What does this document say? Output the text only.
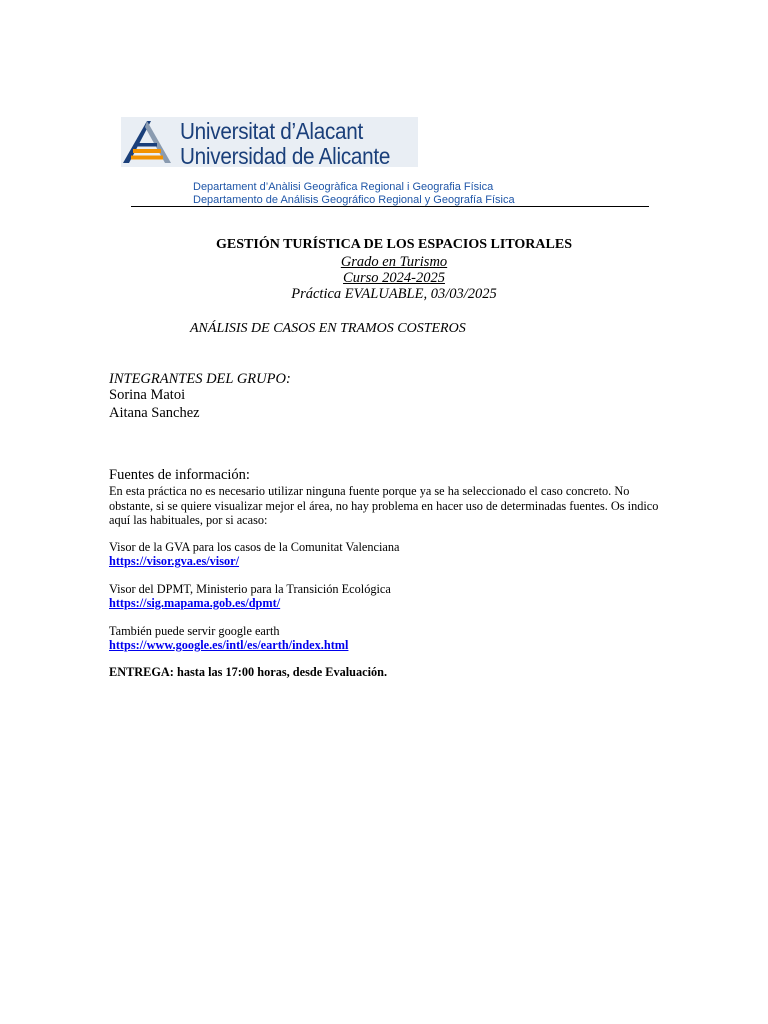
Universitat d’Alacant
Universidad de Alicante
Departament d’Anàlisi Geogràfica Regional i Geografia Física
Departamento de Análisis Geográfico Regional y Geografía Física
GESTIÓN TURÍSTICA DE LOS ESPACIOS LITORALES
Grado en Turismo
Curso 2024-2025
Práctica EVALUABLE, 03/03/2025
ANÁLISIS DE CASOS EN TRAMOS COSTEROS
INTEGRANTES DEL GRUPO:
Sorina Matoi
Aitana Sanchez
Fuentes de información:
En esta práctica no es necesario utilizar ninguna fuente porque ya se ha seleccionado el caso concreto. No obstante, si se quiere visualizar mejor el área, no hay problema en hacer uso de determinadas fuentes. Os indico aquí las habituales, por si acaso:
Visor de la GVA para los casos de la Comunitat Valenciana
https://visor.gva.es/visor/
Visor del DPMT, Ministerio para la Transición Ecológica
https://sig.mapama.gob.es/dpmt/
También puede servir google earth
https://www.google.es/intl/es/earth/index.html
ENTREGA: hasta las 17:00 horas, desde Evaluación.
